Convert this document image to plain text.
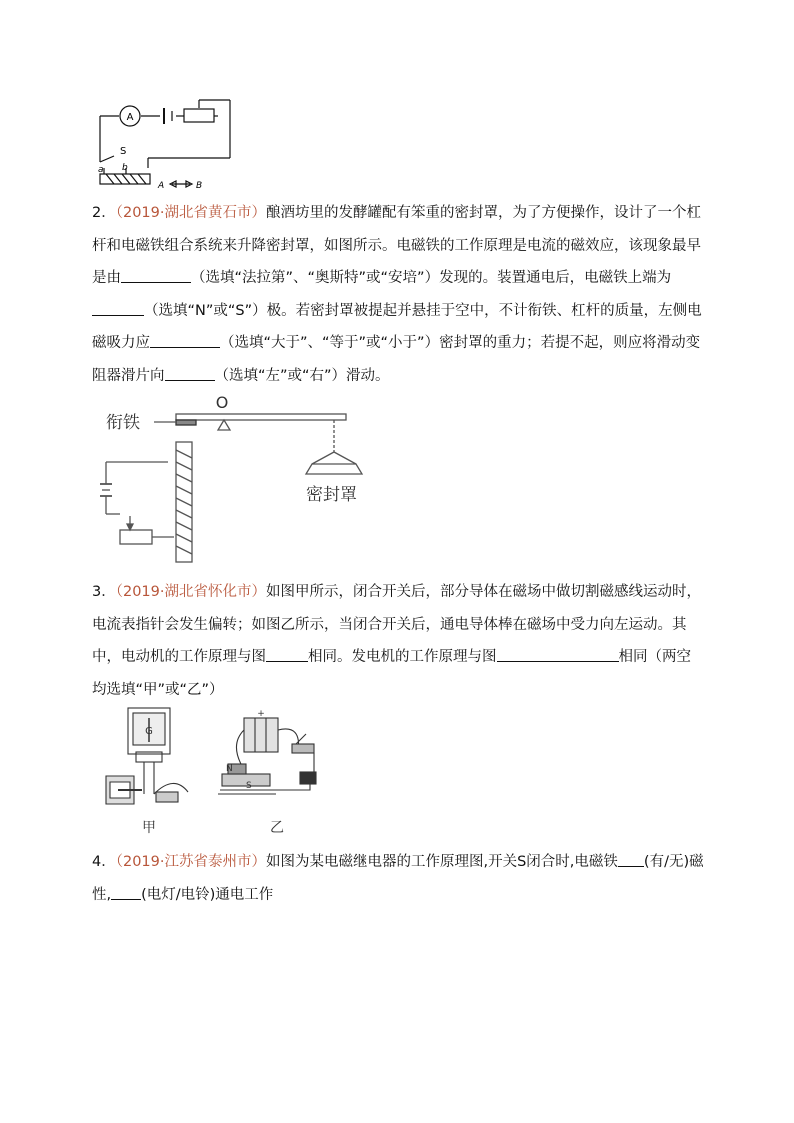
A
S
a b
A	B
2．（2019·湖北省黄石市）酿酒坊里的发酵罐配有笨重的密封罩，为了方便操作，设计了一个杠杆和电磁铁组合系统来升降密封罩，如图所示。电磁铁的工作原理是电流的磁效应，该现象最早是由	（选填“法拉第”、“奥斯特”或“安培”）发现的。装置通电后，电磁铁上端为（选填“N”或“S”）极。若密封罩被提起并悬挂于空中，不计衔铁、杠杆的质量，左侧电磁吸力应	（选填“大于”、“等于”或“小于”）密封罩的重力；若提不起，则应将滑动变阻器滑片向	（选填“左”或“右”）滑动。
O
衔铁
密封罩
3．（2019·湖北省怀化市）如图甲所示，闭合开关后，部分导体在磁场中做切割磁感线运动时，电流表指针会发生偏转；如图乙所示，当闭合开关后，通电导体棒在磁场中受力向左运动。其中，电动机的工作原理与图	相同。发电机的工作原理与图	相同（两空均选填“甲”或“乙”）
G
甲
+
N
S
乙
4．（2019·江苏省泰州市）如图为某电磁继电器的工作原理图,开关S闭合时,电磁铁 (有/无)磁性, (电灯/电铃)通电工作
